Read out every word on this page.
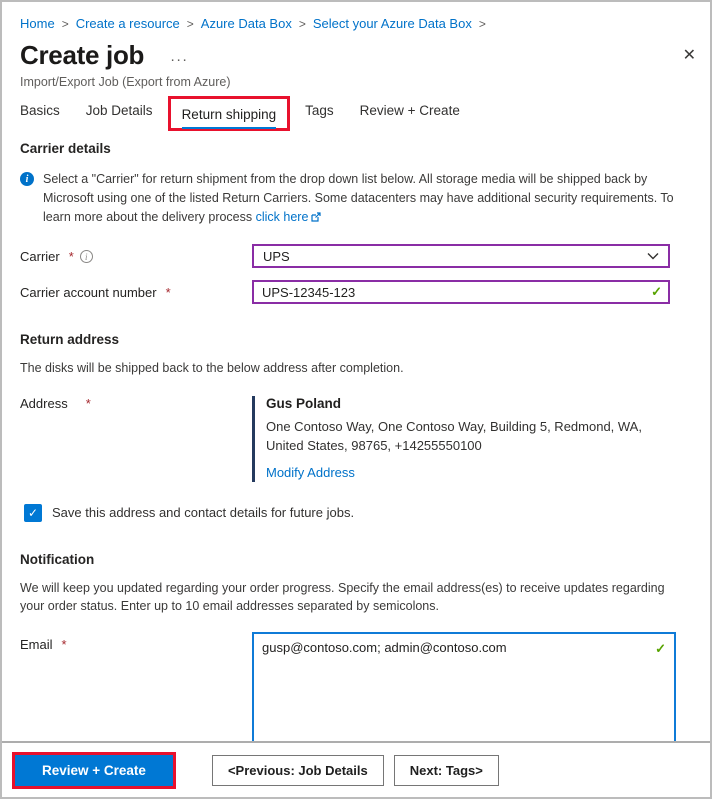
Home > Create a resource > Azure Data Box > Select your Azure Data Box >
Create job ···
Import/Export Job (Export from Azure)
✕
Basics Job Details	Return shipping	Tags Review + Create
Carrier details
i	Select a "Carrier" for return shipment from the drop down list below. All storage media will be shipped back by Microsoft using one of the listed Return Carriers. Some datacenters may have additional security requirements. To learn more about the delivery process click here

Carrier *	i	UPS
Carrier account number *
UPS-12345-123	✓
Return address

The disks will be shipped back to the below address after completion.

Address *	Gus Poland
One Contoso Way, One Contoso Way, Building 5, Redmond, WA, United States, 98765, +14255550100
Modify Address
✓	Save this address and contact details for future jobs.
Notification

We will keep you updated regarding your order progress. Specify the email address(es) to receive updates regarding your order status. Enter up to 10 email addresses separated by semicolons.

Email *
gusp@contoso.com; admin@contoso.com	✓
Review + Create	<Previous: Job Details	Next: Tags>
